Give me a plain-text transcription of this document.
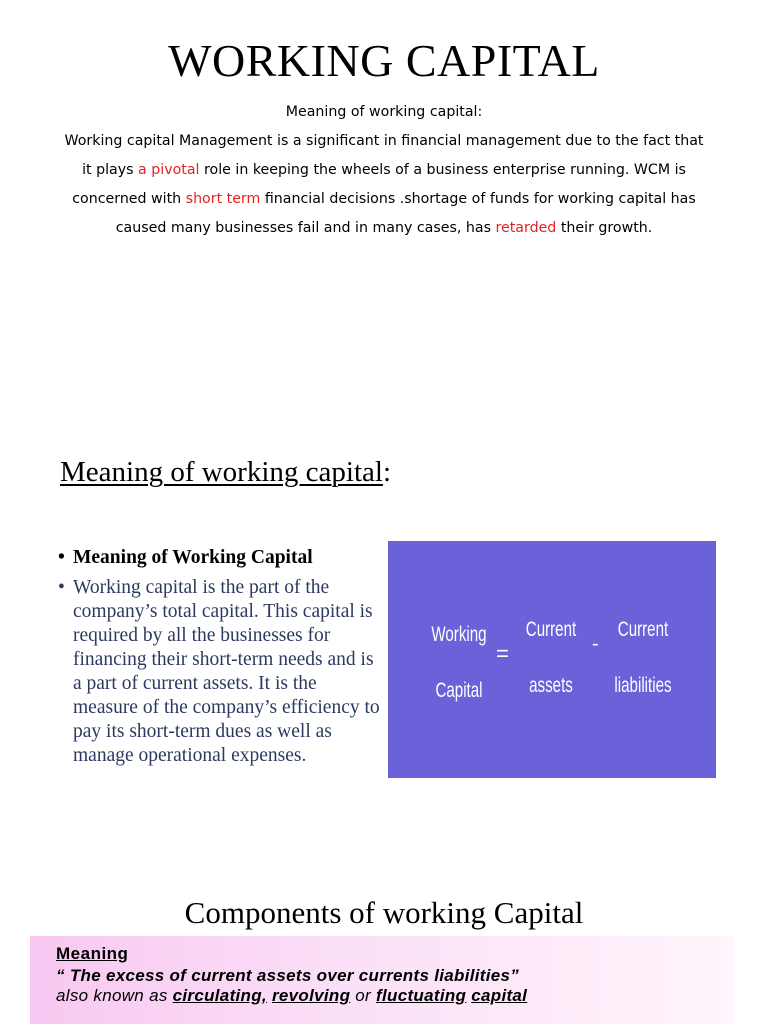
WORKING CAPITAL
Meaning of working capital:
Working capital Management is a significant in financial management due to the fact that it plays a pivotal role in keeping the wheels of a business enterprise running. WCM is concerned with short term financial decisions .shortage of funds for working capital has caused many businesses fail and in many cases, has retarded their growth.
Meaning of working capital:
• Meaning of Working Capital
• Working capital is the part of the company’s total capital. This capital is required by all the businesses for financing their short-term needs and is a part of current assets. It is the measure of the company’s efficiency to pay its short-term dues as well as manage operational expenses.
Working
Capital
=
Current
assets
-
Current
liabilities
Components of working Capital
Meaning
“ The excess of current assets over currents liabilities”
also known as circulating, revolving or fluctuating capital
